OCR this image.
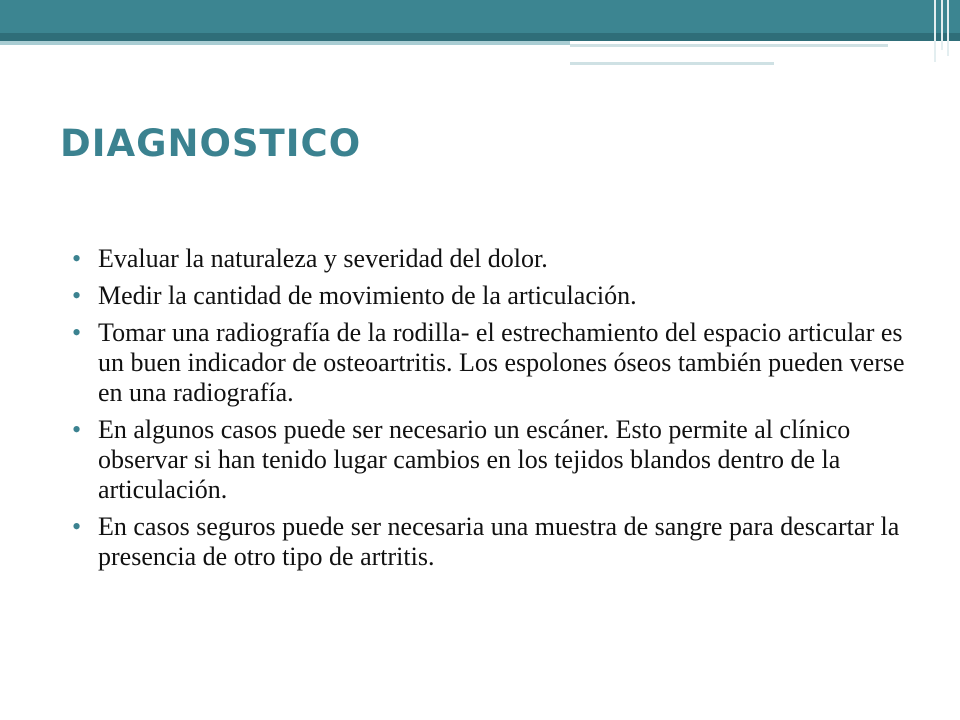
DIAGNOSTICO
• Evaluar la naturaleza y severidad del dolor.
• Medir la cantidad de movimiento de la articulación.
• Tomar una radiografía de la rodilla- el estrechamiento del espacio articular es un buen indicador de osteoartritis. Los espolones óseos también pueden verse en una radiografía.
• En algunos casos puede ser necesario un escáner. Esto permite al clínico observar si han tenido lugar cambios en los tejidos blandos dentro de la articulación.
• En casos seguros puede ser necesaria una muestra de sangre para descartar la presencia de otro tipo de artritis.
